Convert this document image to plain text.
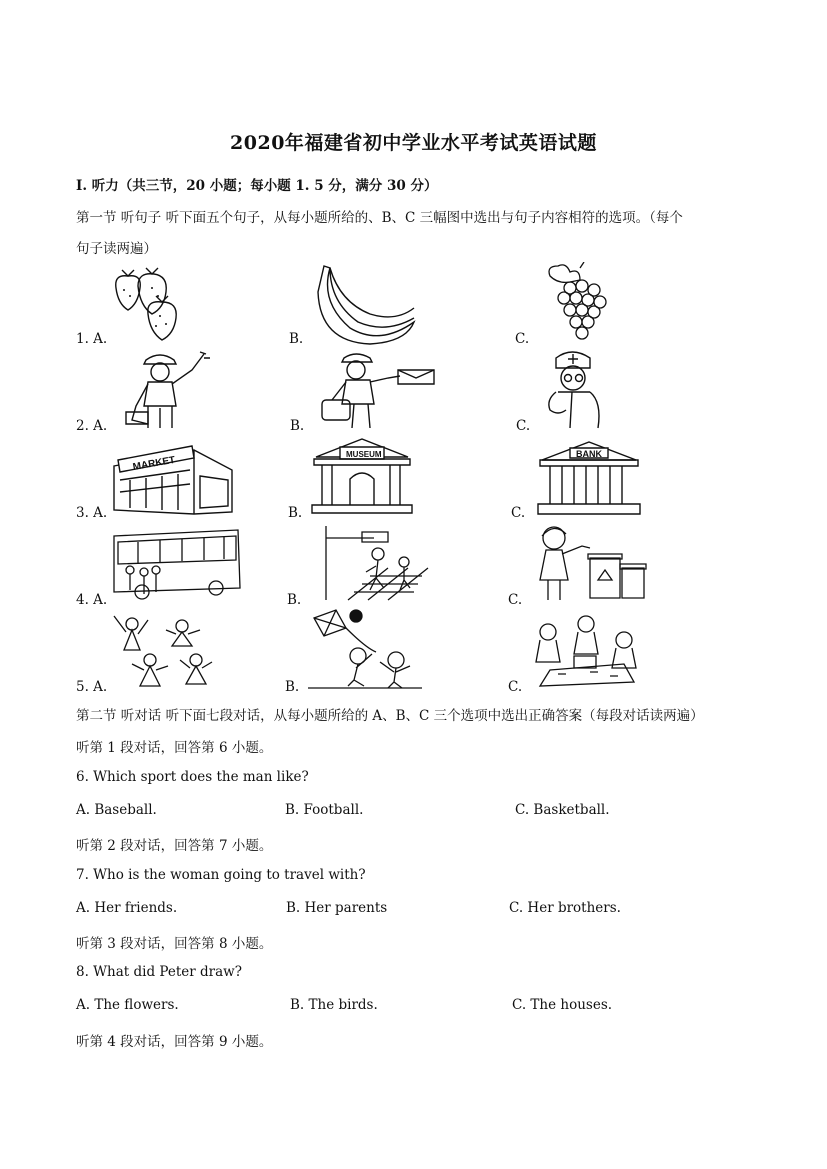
2020年福建省初中学业水平考试英语试题
Ⅰ. 听力（共三节，20 小题；每小题 1. 5 分，满分 30 分）
第一节 听句子 听下面五个句子，从每小题所给的、B、C 三幅图中选出与句子内容相符的选项。（每个
句子读两遍）
1. A.	B.	C.
2. A.	B.	C.
3. A.	B.	C.
MARKET
MUSEUM	BANK
4. A.	B.	C.
5. A.	B.	C.
第二节 听对话 听下面七段对话，从每小题所给的 A、B、C 三个选项中选出正确答案（每段对话读两遍）
听第 1 段对话，回答第 6 小题。
6. Which sport does the man like?
A. Baseball.	B. Football.	C. Basketball.
听第 2 段对话，回答第 7 小题。
7. Who is the woman going to travel with?
A. Her friends.	B. Her parents	C. Her brothers.
听第 3 段对话，回答第 8 小题。
8. What did Peter draw?
A. The flowers.	B. The birds.	C. The houses.
听第 4 段对话，回答第 9 小题。
